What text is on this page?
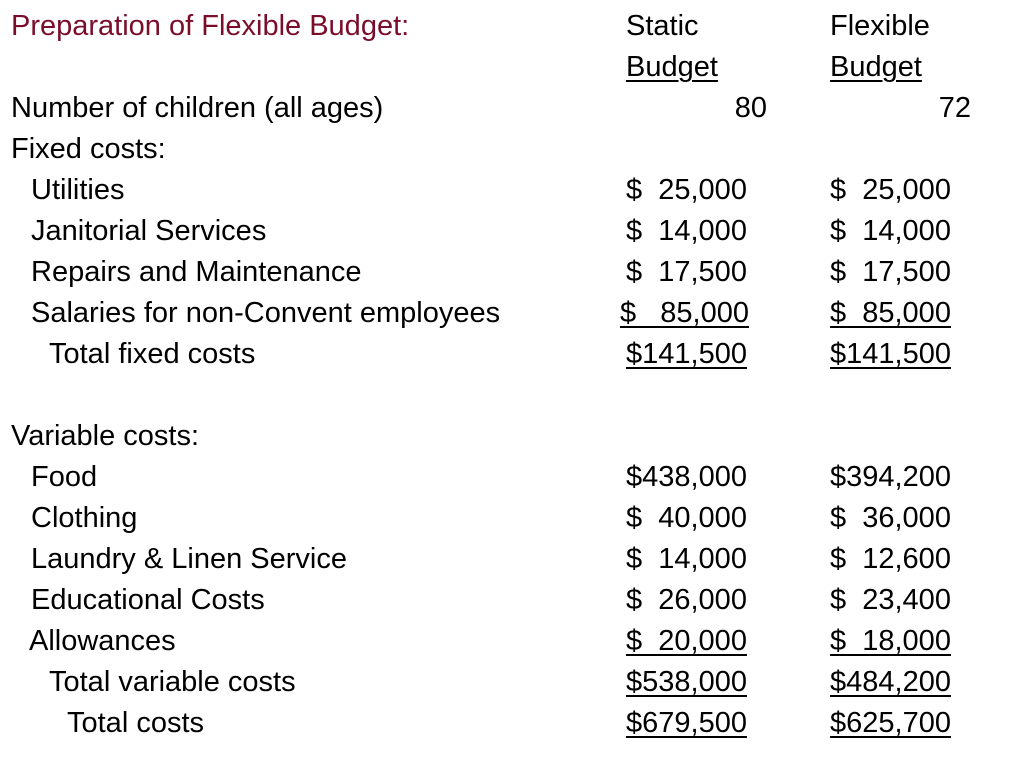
Preparation of Flexible Budget:	Static	Flexible
Budget	Budget
Number of children (all ages)	80	72
Fixed costs:
Utilities	$  25,000	$  25,000
Janitorial Services	$  14,000	$  14,000
Repairs and Maintenance	$  17,500	$  17,500
Salaries for non-Convent employees	$   85,000	$  85,000
Total fixed costs	$141,500	$141,500
Variable costs:
Food	$438,000	$394,200
Clothing	$  40,000	$  36,000
Laundry & Linen Service	$  14,000	$  12,600
Educational Costs	$  26,000	$  23,400
Allowances	$  20,000	$  18,000
Total variable costs	$538,000	$484,200
Total costs	$679,500	$625,700
